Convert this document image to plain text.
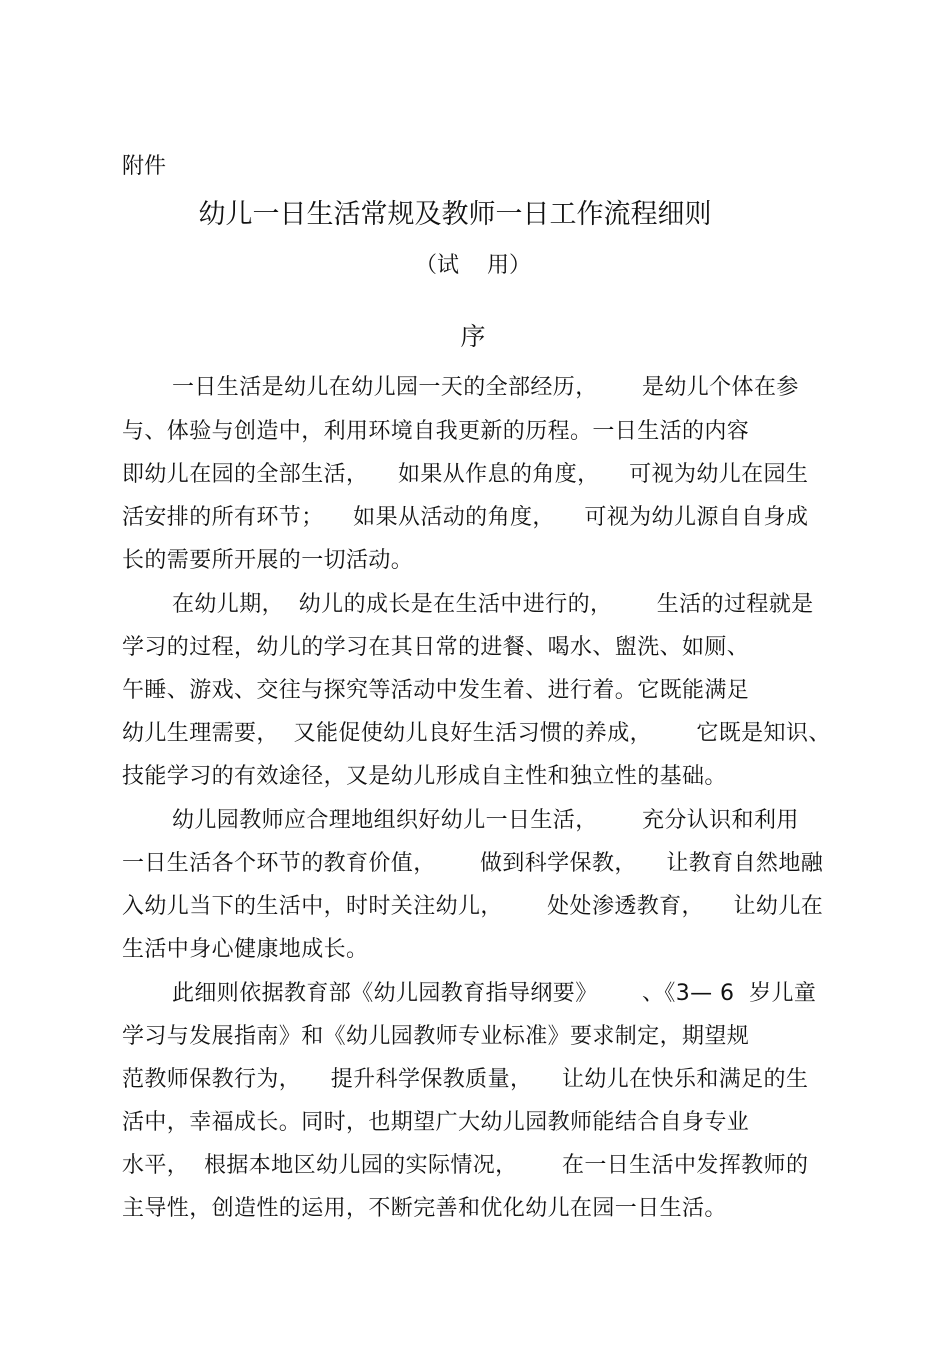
附件
幼儿一日生活常规及教师一日工作流程细则
（试    用）
序
一日生活是幼儿在幼儿园一天的全部经历，      是幼儿个体在参
与、体验与创造中，利用环境自我更新的历程。一日生活的内容
即幼儿在园的全部生活，    如果从作息的角度，    可视为幼儿在园生
活安排的所有环节；    如果从活动的角度，    可视为幼儿源自自身成
长的需要所开展的一切活动。
在幼儿期，  幼儿的成长是在生活中进行的，      生活的过程就是
学习的过程，幼儿的学习在其日常的进餐、喝水、盥洗、如厕、
午睡、游戏、交往与探究等活动中发生着、进行着。它既能满足
幼儿生理需要，  又能促使幼儿良好生活习惯的养成，      它既是知识、
技能学习的有效途径，又是幼儿形成自主性和独立性的基础。
幼儿园教师应合理地组织好幼儿一日生活，      充分认识和利用
一日生活各个环节的教育价值，      做到科学保教，    让教育自然地融
入幼儿当下的生活中，时时关注幼儿，      处处渗透教育，    让幼儿在
生活中身心健康地成长。
此细则依据教育部《幼儿园教育指导纲要》      、《3— 6  岁儿童
学习与发展指南》和《幼儿园教师专业标准》要求制定，期望规
范教师保教行为，    提升科学保教质量，    让幼儿在快乐和满足的生
活中，幸福成长。同时，也期望广大幼儿园教师能结合自身专业
水平，  根据本地区幼儿园的实际情况，      在一日生活中发挥教师的
主导性，创造性的运用，不断完善和优化幼儿在园一日生活。
